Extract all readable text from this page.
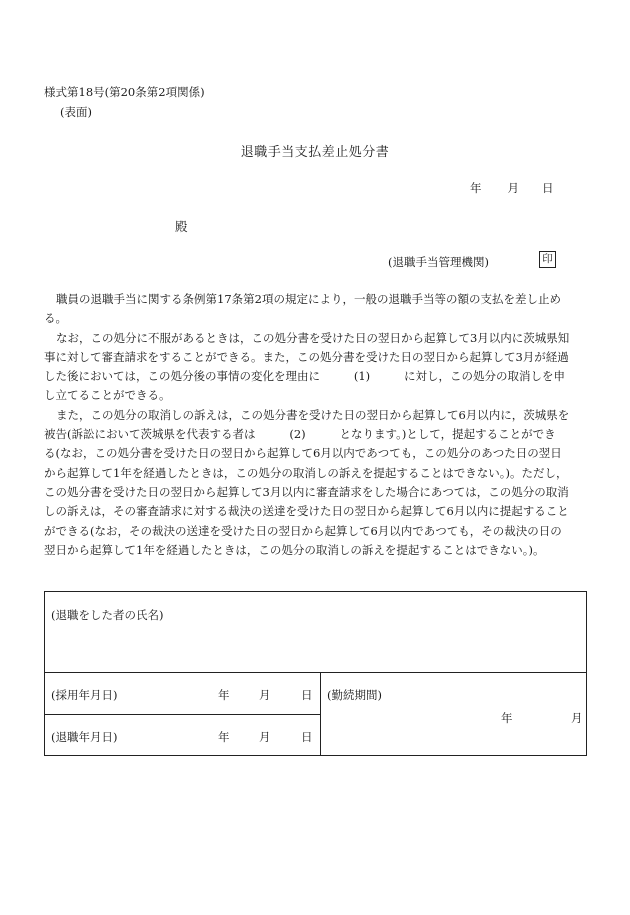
様式第18号(第20条第2項関係)
(表面)
退職手当支払差止処分書
年 月 日
殿
(退職手当管理機関)	印
職員の退職手当に関する条例第17条第2項の規定により，一般の退職手当等の額の支払を差し止め
る。
なお，この処分に不服があるときは，この処分書を受けた日の翌日から起算して3月以内に茨城県知
事に対して審査請求をすることができる。また，この処分書を受けた日の翌日から起算して3月が経過
した後においては，この処分後の事情の変化を理由に	(1)	に対し，この処分の取消しを申
し立てることができる。
また，この処分の取消しの訴えは，この処分書を受けた日の翌日から起算して6月以内に，茨城県を
被告(訴訟において茨城県を代表する者は	(2)	となります。)として，提起することができ
る(なお，この処分書を受けた日の翌日から起算して6月以内であつても，この処分のあつた日の翌日
から起算して1年を経過したときは，この処分の取消しの訴えを提起することはできない。)。ただし，
この処分書を受けた日の翌日から起算して3月以内に審査請求をした場合にあつては，この処分の取消
しの訴えは，その審査請求に対する裁決の送達を受けた日の翌日から起算して6月以内に提起すること
ができる(なお，その裁決の送達を受けた日の翌日から起算して6月以内であつても，その裁決の日の
翌日から起算して1年を経過したときは，この処分の取消しの訴えを提起することはできない。)。
(退職をした者の氏名)
(採用年月日)	年	月	日
(退職年月日)	年	月	日
(勤続期間)
年	月
